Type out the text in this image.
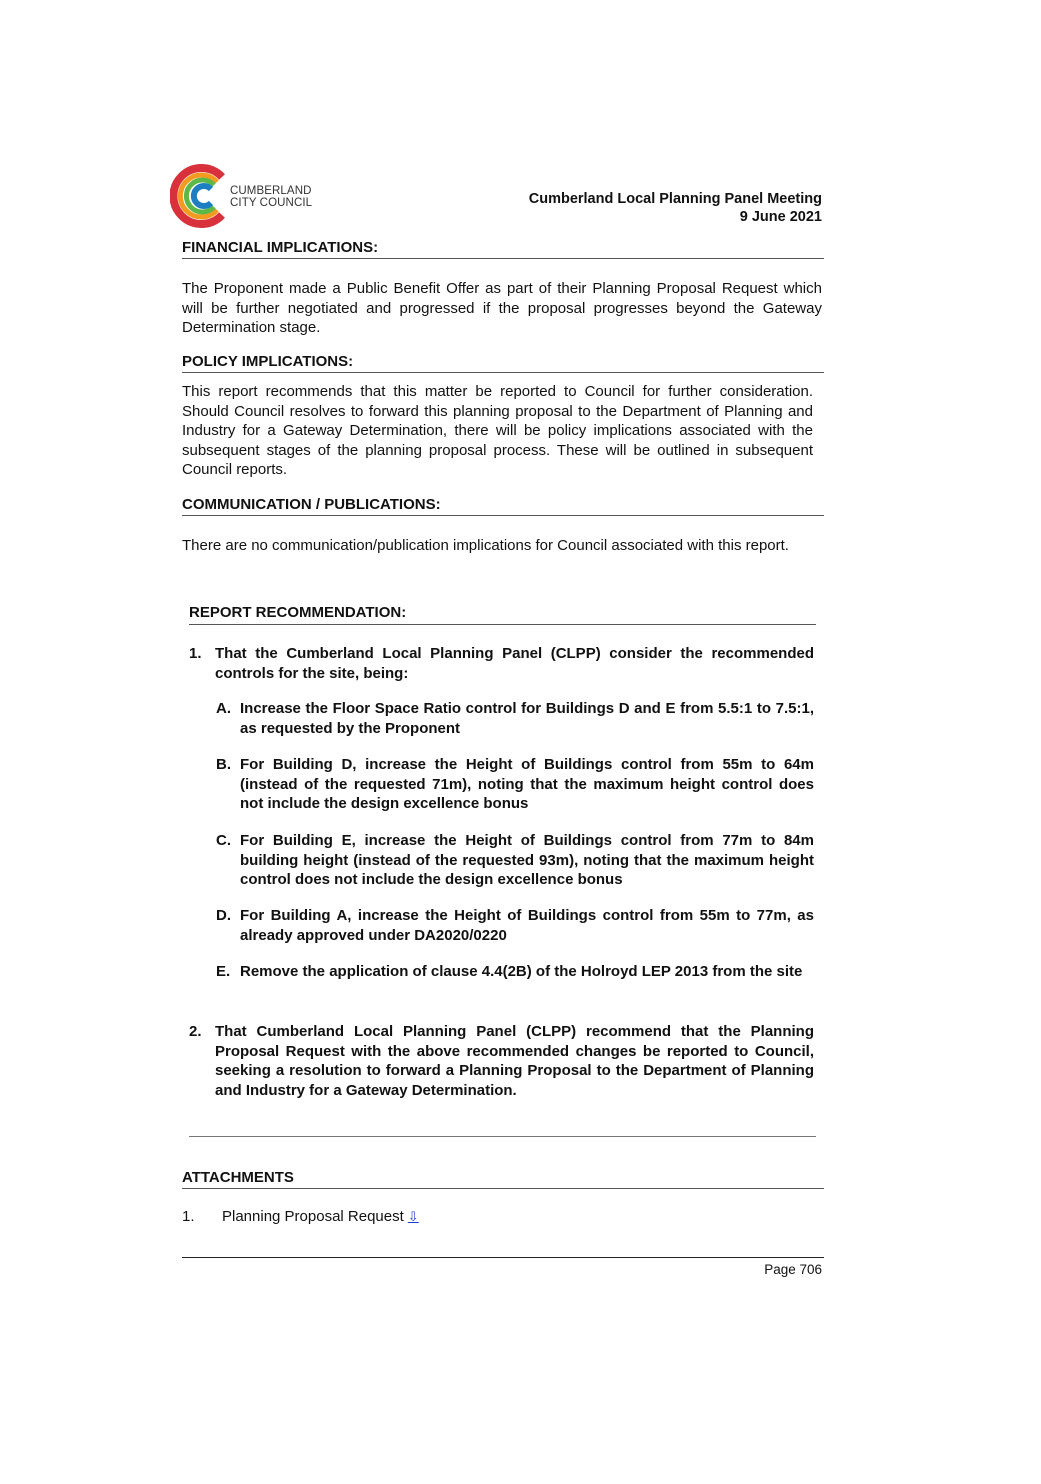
CUMBERLAND
CITY COUNCIL	Cumberland Local Planning Panel Meeting
9 June 2021
FINANCIAL IMPLICATIONS:
The Proponent made a Public Benefit Offer as part of their Planning Proposal Request which will be further negotiated and progressed if the proposal progresses beyond the Gateway Determination stage.
POLICY IMPLICATIONS:
This report recommends that this matter be reported to Council for further consideration. Should Council resolves to forward this planning proposal to the Department of Planning and Industry for a Gateway Determination, there will be policy implications associated with the subsequent stages of the planning proposal process. These will be outlined in subsequent Council reports.
COMMUNICATION / PUBLICATIONS:
There are no communication/publication implications for Council associated with this report.
REPORT RECOMMENDATION:
1. That the Cumberland Local Planning Panel (CLPP) consider the recommended controls for the site, being:
A. Increase the Floor Space Ratio control for Buildings D and E from 5.5:1 to 7.5:1, as requested by the Proponent
B. For Building D, increase the Height of Buildings control from 55m to 64m (instead of the requested 71m), noting that the maximum height control does not include the design excellence bonus
C. For Building E, increase the Height of Buildings control from 77m to 84m building height (instead of the requested 93m), noting that the maximum height control does not include the design excellence bonus
D. For Building A, increase the Height of Buildings control from 55m to 77m, as already approved under DA2020/0220
E. Remove the application of clause 4.4(2B) of the Holroyd LEP 2013 from the site
2. That Cumberland Local Planning Panel (CLPP) recommend that the Planning Proposal Request with the above recommended changes be reported to Council, seeking a resolution to forward a Planning Proposal to the Department of Planning and Industry for a Gateway Determination.
ATTACHMENTS
1. Planning Proposal Request ⇩
Page 706
